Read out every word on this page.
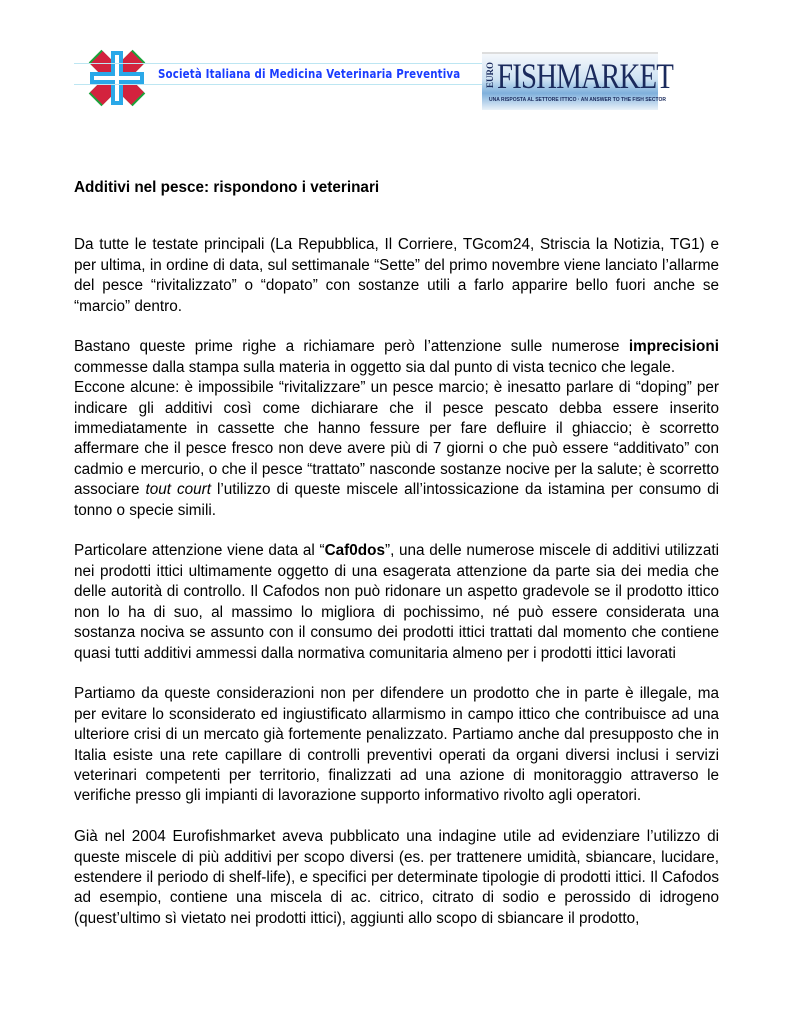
Società Italiana di Medicina Veterinaria Preventiva	EURO FISHMARKET
UNA RISPOSTA AL SETTORE ITTICO · AN ANSWER TO THE FISH SECTOR
Additivi nel pesce: rispondono i veterinari

Da tutte le testate principali (La Repubblica, Il Corriere, TGcom24, Striscia la Notizia, TG1) e per ultima, in ordine di data, sul settimanale “Sette” del primo novembre viene lanciato l’allarme del pesce “rivitalizzato” o “dopato” con sostanze utili a farlo apparire bello fuori anche se “marcio” dentro.

Bastano queste prime righe a richiamare però l’attenzione sulle numerose imprecisioni commesse dalla stampa sulla materia in oggetto sia dal punto di vista tecnico che legale.
Eccone alcune: è impossibile “rivitalizzare” un pesce marcio; è inesatto parlare di “doping” per indicare gli additivi così come dichiarare che il pesce pescato debba essere inserito immediatamente in cassette che hanno fessure per fare defluire il ghiaccio; è scorretto affermare che il pesce fresco non deve avere più di 7 giorni o che può essere “additivato” con cadmio e mercurio, o che il pesce “trattato” nasconde sostanze nocive per la salute; è scorretto associare tout court l’utilizzo di queste miscele all’intossicazione da istamina per consumo di tonno o specie simili.

Particolare attenzione viene data al “Caf0dos”, una delle numerose miscele di additivi utilizzati nei prodotti ittici ultimamente oggetto di una esagerata attenzione da parte sia dei media che delle autorità di controllo. Il Cafodos non può ridonare un aspetto gradevole se il prodotto ittico non lo ha di suo, al massimo lo migliora di pochissimo, né può essere considerata una sostanza nociva se assunto con il consumo dei prodotti ittici trattati dal momento che contiene quasi tutti additivi ammessi dalla normativa comunitaria almeno per i prodotti ittici lavorati

Partiamo da queste considerazioni non per difendere un prodotto che in parte è illegale, ma per evitare lo sconsiderato ed ingiustificato allarmismo in campo ittico che contribuisce ad una ulteriore crisi di un mercato già fortemente penalizzato. Partiamo anche dal presupposto che in Italia esiste una rete capillare di controlli preventivi operati da organi diversi inclusi i servizi veterinari competenti per territorio, finalizzati ad una azione di monitoraggio attraverso le verifiche presso gli impianti di lavorazione supporto informativo rivolto agli operatori.

Già nel 2004 Eurofishmarket aveva pubblicato una indagine utile ad evidenziare l’utilizzo di queste miscele di più additivi per scopo diversi (es. per trattenere umidità, sbiancare, lucidare, estendere il periodo di shelf-life), e specifici per determinate tipologie di prodotti ittici. Il Cafodos ad esempio, contiene una miscela di ac. citrico, citrato di sodio e perossido di idrogeno (quest’ultimo sì vietato nei prodotti ittici), aggiunti allo scopo di sbiancare il prodotto,
